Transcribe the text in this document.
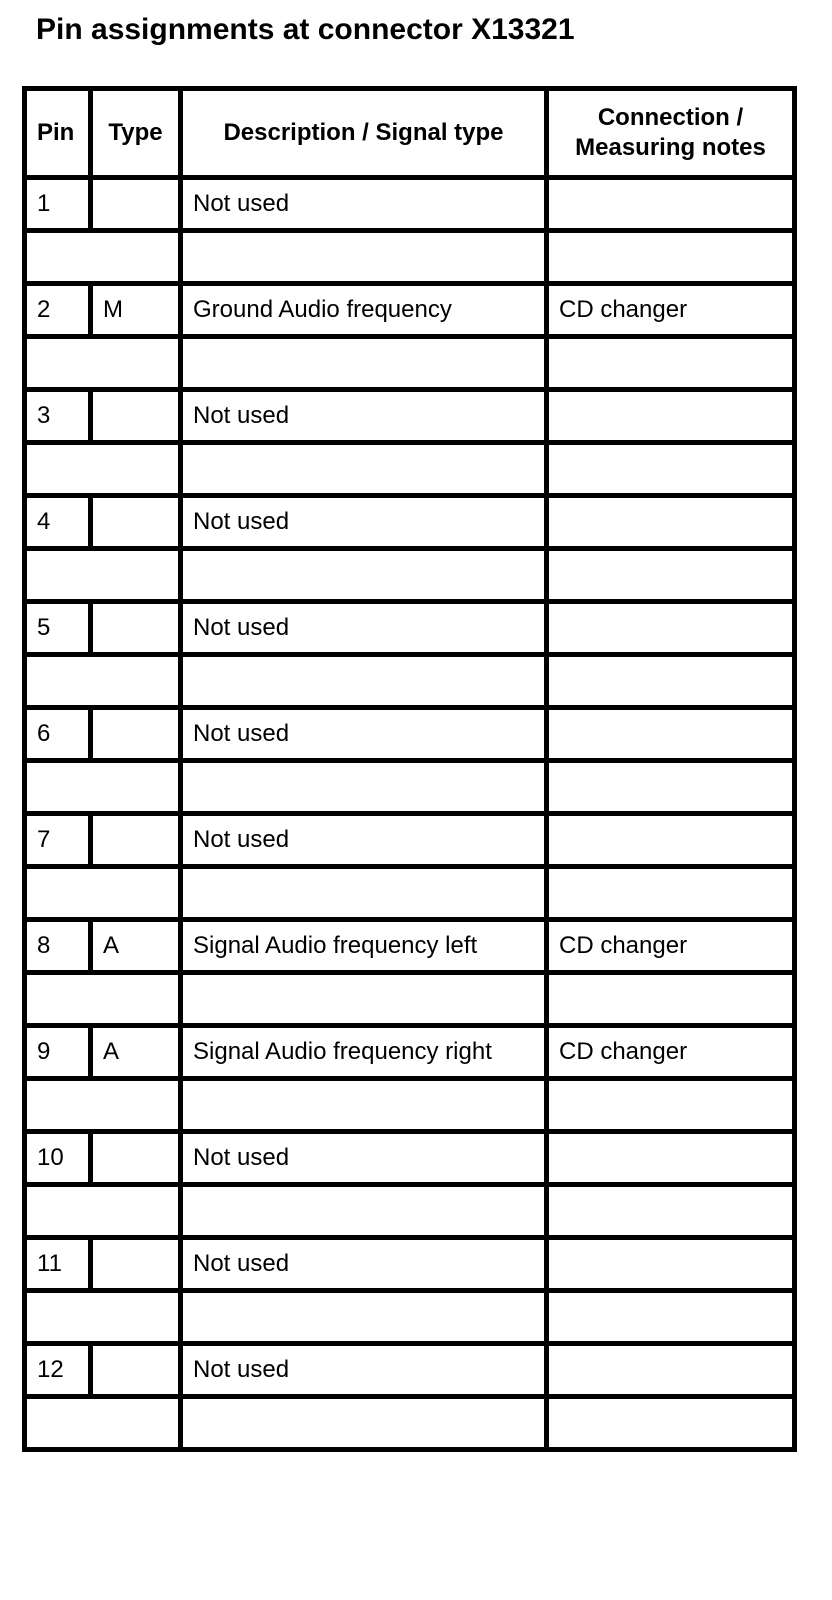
Pin assignments at connector X13321
Pin	Type	Description / Signal type	Connection /
Measuring notes

1		Not used	

2	M	Ground Audio frequency	CD changer

3		Not used	

4		Not used	

5		Not used	

6		Not used	

7		Not used	

8	A	Signal Audio frequency left	CD changer

9	A	Signal Audio frequency right	CD changer

10		Not used	

11		Not used	

12		Not used	
